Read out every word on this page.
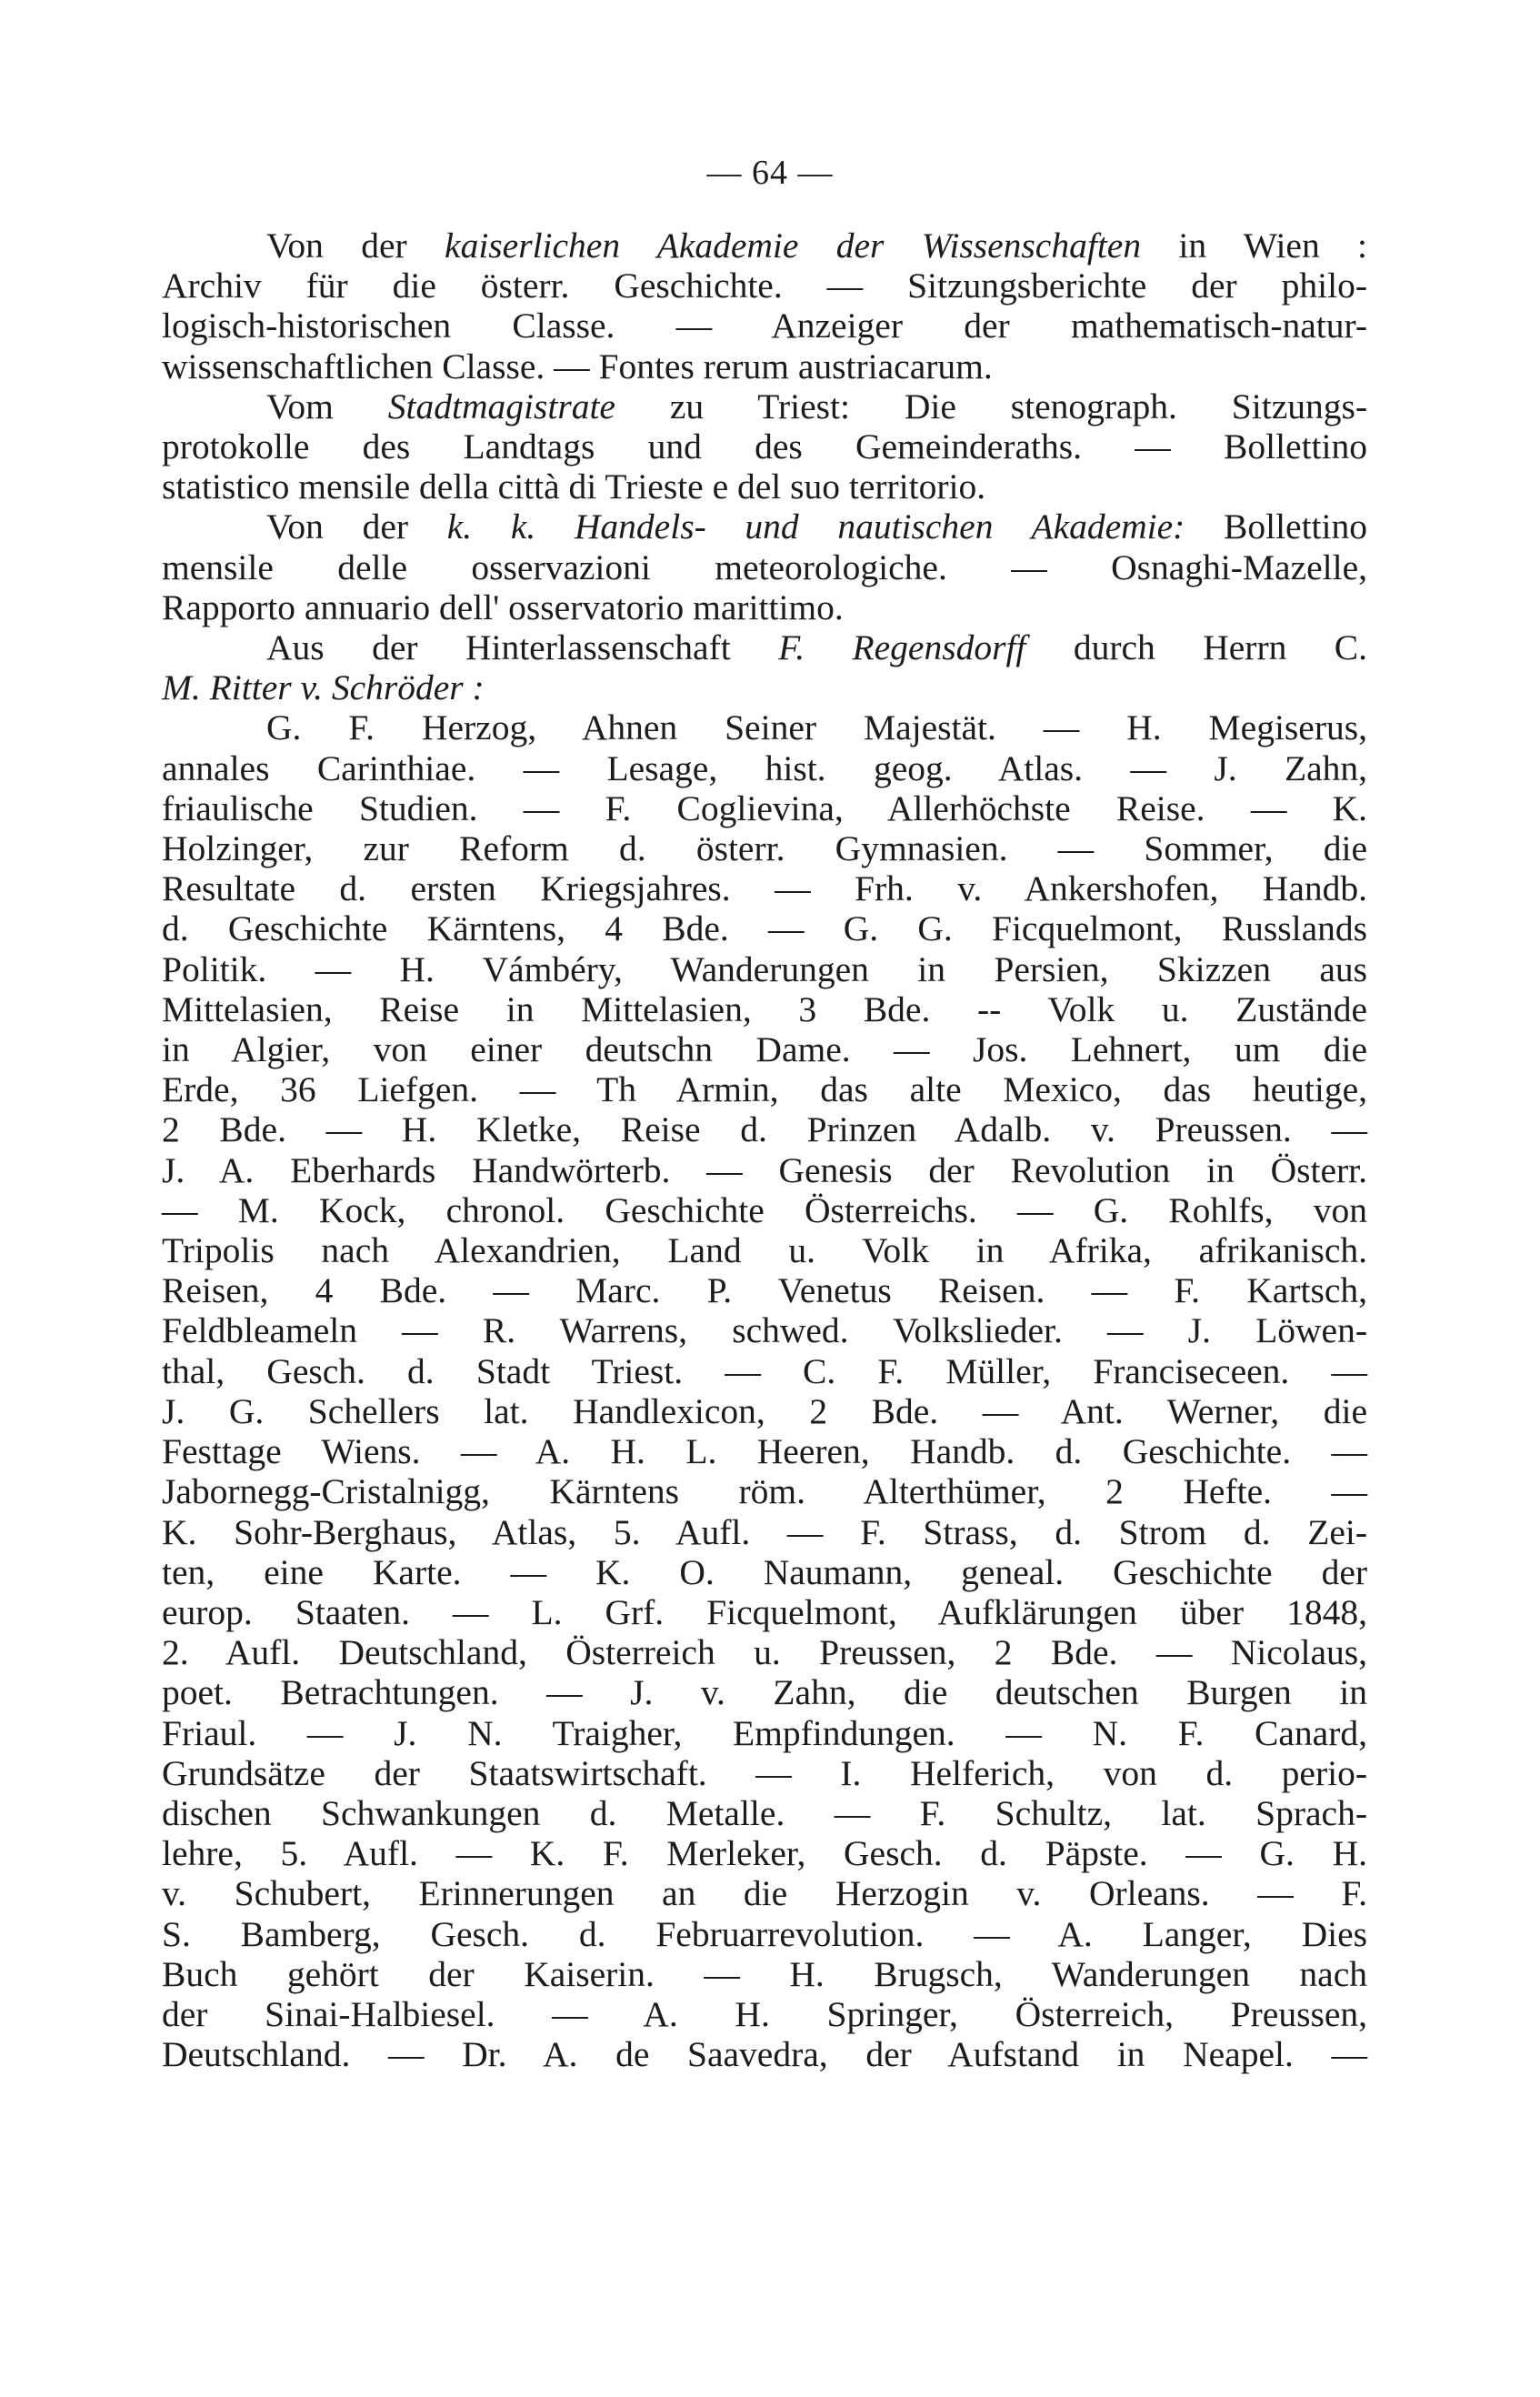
— 64 —
Von der kaiserlichen Akademie der Wissenschaften in Wien :
Archiv für die österr. Geschichte. — Sitzungsberichte der philo-
logisch-historischen Classe. — Anzeiger der mathematisch-natur-
wissenschaftlichen Classe. — Fontes rerum austriacarum.
Vom Stadtmagistrate zu Triest: Die stenograph. Sitzungs-
protokolle des Landtags und des Gemeinderaths. — Bollettino
statistico mensile della città di Trieste e del suo territorio.
Von der k. k. Handels- und nautischen Akademie: Bollettino
mensile delle osservazioni meteorologiche. — Osnaghi-Mazelle,
Rapporto annuario dell' osservatorio marittimo.
Aus der Hinterlassenschaft F. Regensdorff durch Herrn C.
M. Ritter v. Schröder :
G. F. Herzog, Ahnen Seiner Majestät. — H. Megiserus,
annales Carinthiae. — Lesage, hist. geog. Atlas. — J. Zahn,
friaulische Studien. — F. Coglievina, Allerhöchste Reise. — K.
Holzinger, zur Reform d. österr. Gymnasien. — Sommer, die
Resultate d. ersten Kriegsjahres. — Frh. v. Ankershofen, Handb.
d. Geschichte Kärntens, 4 Bde. — G. G. Ficquelmont, Russlands
Politik. — H. Vámbéry, Wanderungen in Persien, Skizzen aus
Mittelasien, Reise in Mittelasien, 3 Bde. -- Volk u. Zustände
in Algier, von einer deutschn Dame. — Jos. Lehnert, um die
Erde, 36 Liefgen. — Th Armin, das alte Mexico, das heutige,
2 Bde. — H. Kletke, Reise d. Prinzen Adalb. v. Preussen. —
J. A. Eberhards Handwörterb. — Genesis der Revolution in Österr.
— M. Kock, chronol. Geschichte Österreichs. — G. Rohlfs, von
Tripolis nach Alexandrien, Land u. Volk in Afrika, afrikanisch.
Reisen, 4 Bde. — Marc. P. Venetus Reisen. — F. Kartsch,
Feldbleameln — R. Warrens, schwed. Volkslieder. — J. Löwen-
thal, Gesch. d. Stadt Triest. — C. F. Müller, Franciseceen. —
J. G. Schellers lat. Handlexicon, 2 Bde. — Ant. Werner, die
Festtage Wiens. — A. H. L. Heeren, Handb. d. Geschichte. —
Jabornegg-Cristalnigg, Kärntens röm. Alterthümer, 2 Hefte. —
K. Sohr-Berghaus, Atlas, 5. Aufl. — F. Strass, d. Strom d. Zei-
ten, eine Karte. — K. O. Naumann, geneal. Geschichte der
europ. Staaten. — L. Grf. Ficquelmont, Aufklärungen über 1848,
2. Aufl. Deutschland, Österreich u. Preussen, 2 Bde. — Nicolaus,
poet. Betrachtungen. — J. v. Zahn, die deutschen Burgen in
Friaul. — J. N. Traigher, Empfindungen. — N. F. Canard,
Grundsätze der Staatswirtschaft. — I. Helferich, von d. perio-
dischen Schwankungen d. Metalle. — F. Schultz, lat. Sprach-
lehre, 5. Aufl. — K. F. Merleker, Gesch. d. Päpste. — G. H.
v. Schubert, Erinnerungen an die Herzogin v. Orleans. — F.
S. Bamberg, Gesch. d. Februarrevolution. — A. Langer, Dies
Buch gehört der Kaiserin. — H. Brugsch, Wanderungen nach
der Sinai-Halbiesel. — A. H. Springer, Österreich, Preussen,
Deutschland. — Dr. A. de Saavedra, der Aufstand in Neapel. —
